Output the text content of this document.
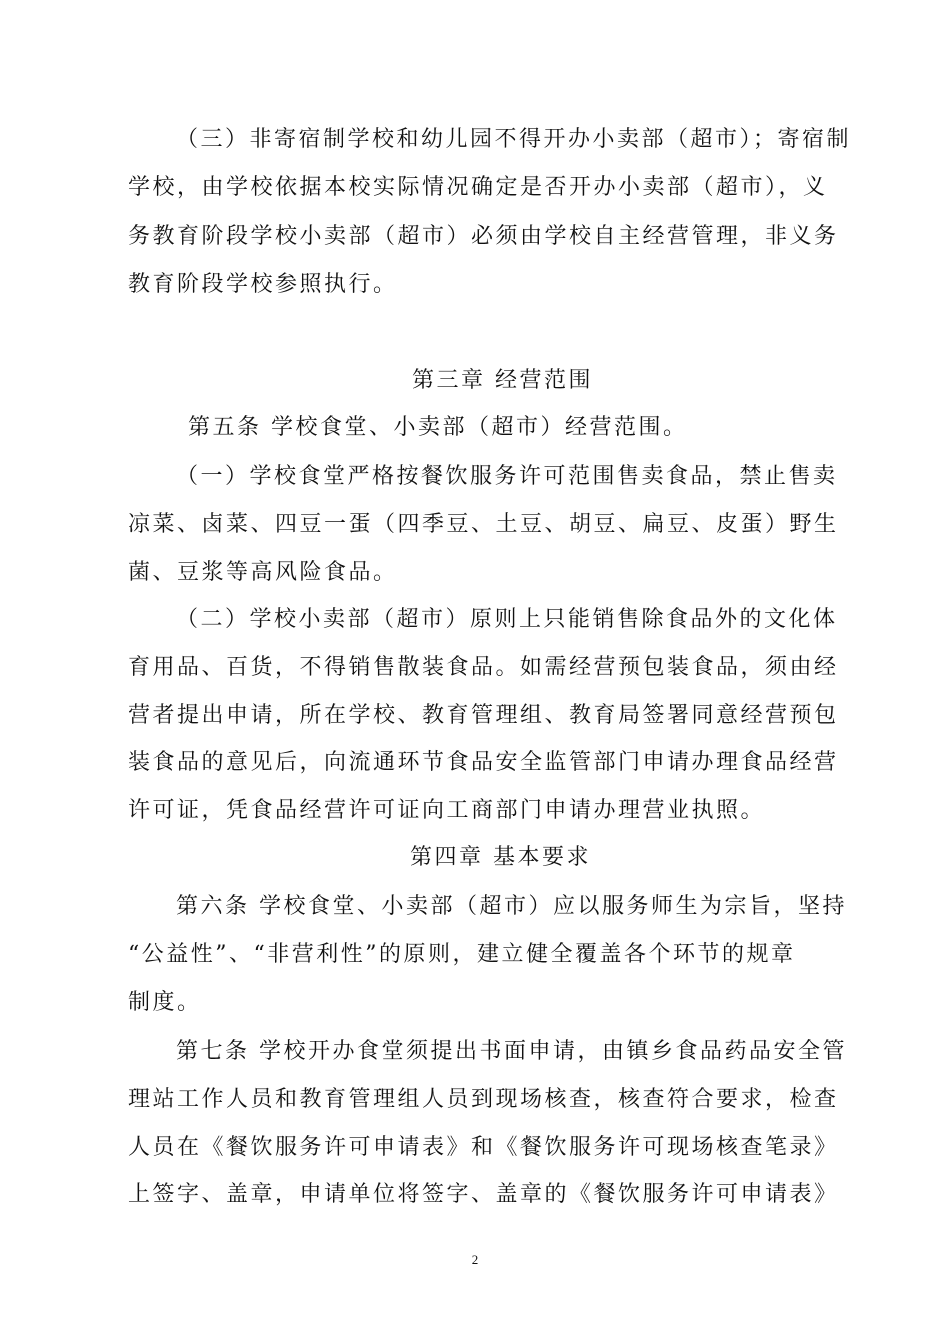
（三）非寄宿制学校和幼儿园不得开办小卖部（超市）；寄宿制
学校，由学校依据本校实际情况确定是否开办小卖部（超市），义
务教育阶段学校小卖部（超市）必须由学校自主经营管理，非义务
教育阶段学校参照执行。
第三章 经营范围
第五条 学校食堂、小卖部（超市）经营范围。
（一）学校食堂严格按餐饮服务许可范围售卖食品，禁止售卖
凉菜、卤菜、四豆一蛋（四季豆、土豆、胡豆、扁豆、皮蛋）野生
菌、豆浆等高风险食品。
（二）学校小卖部（超市）原则上只能销售除食品外的文化体
育用品、百货，不得销售散装食品。如需经营预包装食品，须由经
营者提出申请，所在学校、教育管理组、教育局签署同意经营预包
装食品的意见后，向流通环节食品安全监管部门申请办理食品经营
许可证，凭食品经营许可证向工商部门申请办理营业执照。
第四章 基本要求
第六条 学校食堂、小卖部（超市）应以服务师生为宗旨，坚持
“公益性”、“非营利性”的原则，建立健全覆盖各个环节的规章
制度。
第七条 学校开办食堂须提出书面申请，由镇乡食品药品安全管
理站工作人员和教育管理组人员到现场核查，核查符合要求，检查
人员在《餐饮服务许可申请表》和《餐饮服务许可现场核查笔录》
上签字、盖章，申请单位将签字、盖章的《餐饮服务许可申请表》
2
